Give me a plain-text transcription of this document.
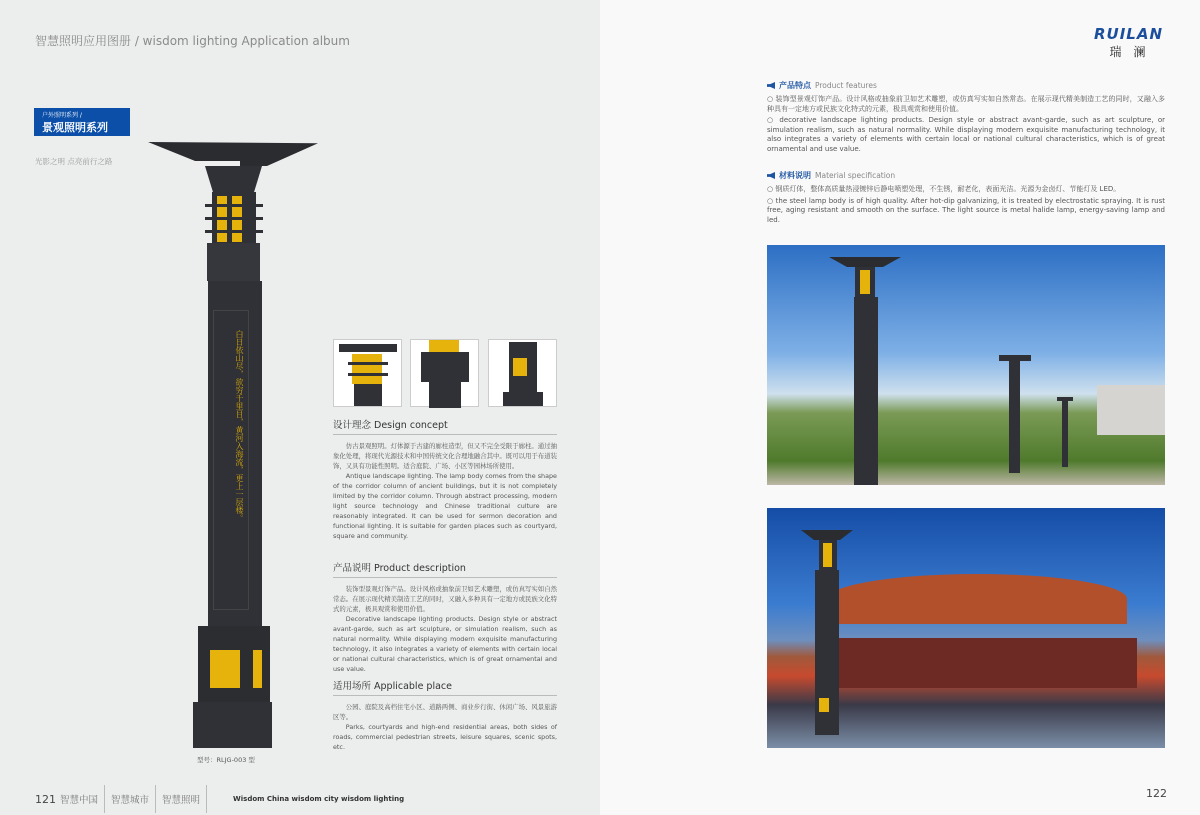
智慧照明应用图册 / wisdom lighting Application album
户外照明系列 /
景观照明系列
光影之明 点亮前行之路
白日依山尽，欲穷千里目，黄河入海流，更上一层楼。	设计理念 Design concept

仿古景观照明。灯体源于古建的廊柱造型，但又不完全受限于廊柱。通过抽象化处理，将现代光源技术和中国传统文化合理地融合其中。既可以用于布道装饰，又具有功能性照明。适合庭院、广场、小区等园林场所使用。

Antique landscape lighting. The lamp body comes from the shape of the corridor column of ancient buildings, but it is not completely limited by the corridor column. Through abstract processing, modern light source technology and Chinese traditional culture are reasonably integrated. It can be used for sermon decoration and functional lighting. It is suitable for garden places such as courtyard, square and community.

产品说明 Product description

装饰型景观灯饰产品。设计风格或抽象前卫如艺术雕塑，或仿真写实如自然常态。在展示现代精美制造工艺的同时，又融入多种具有一定地方或民族文化特式的元素，极具观赏和使用价值。

Decorative landscape lighting products. Design style or abstract avant-garde, such as art sculpture, or simulation realism, such as natural normality. While displaying modern exquisite manufacturing technology, it also integrates a variety of elements with certain local or national cultural characteristics, which is of great ornamental and use value.

适用场所 Applicable place

公园、庭院及高档住宅小区、道路两侧、商业步行街、休闲广场、风景旅游区等。

Parks, courtyards and high-end residential areas, both sides of roads, commercial pedestrian streets, leisure squares, scenic spots, etc.

型号：RLJG-003 型
121 智慧中国 智慧城市 智慧照明	Wisdom China wisdom city wisdom lighting
RUILAN
瑞澜
产品特点 Product features
○ 装饰型景观灯饰产品。设计风格或抽象前卫如艺术雕塑，或仿真写实如自然常态。在展示现代精美制造工艺的同时，又融入多种具有一定地方或民族文化特式的元素，极具观赏和使用价值。
○ decorative landscape lighting products. Design style or abstract avant-garde, such as art sculpture, or simulation realism, such as natural normality. While displaying modern exquisite manufacturing technology, it also integrates a variety of elements with certain local or national cultural characteristics, which is of great ornamental and use value.
材料说明 Material specification
○ 钢质灯体，整体高质量热浸镀锌后静电喷塑处理，不生锈，耐老化，表面光洁。光源为金卤灯、节能灯及 LED。
○ the steel lamp body is of high quality. After hot-dip galvanizing, it is treated by electrostatic spraying. It is rust free, aging resistant and smooth on the surface. The light source is metal halide lamp, energy-saving lamp and led.
122
